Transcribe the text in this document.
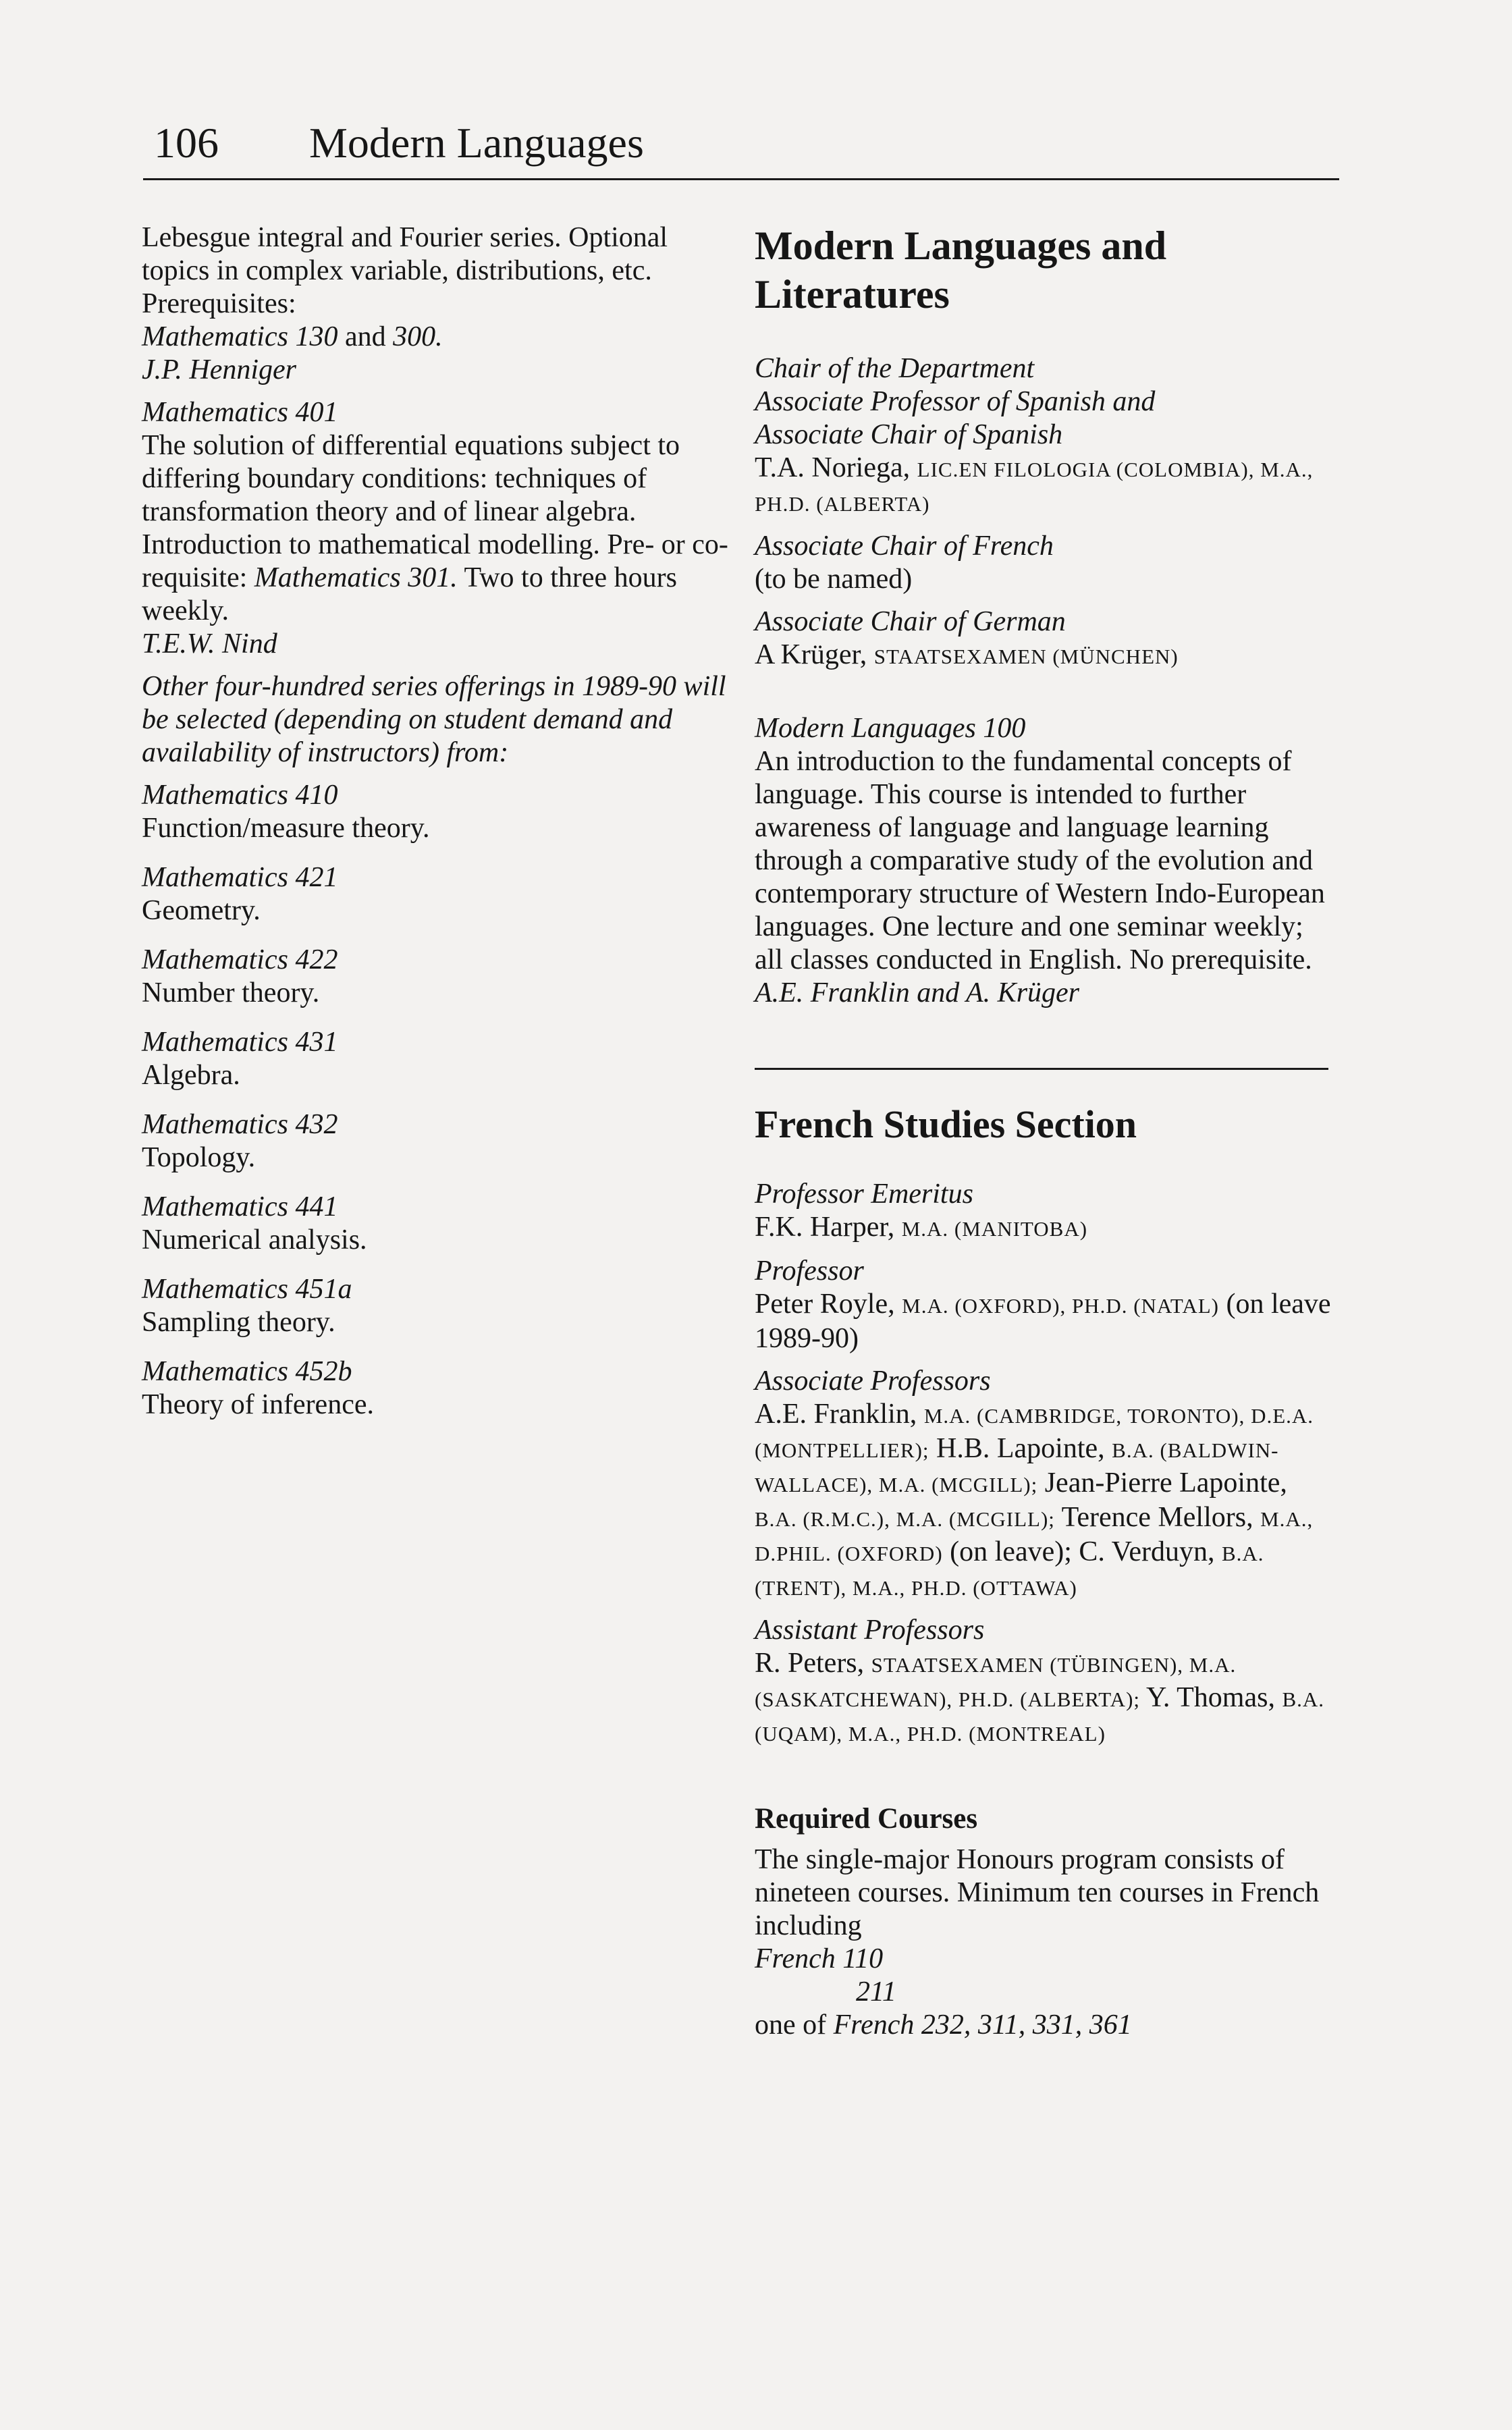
106 Modern Languages
Lebesgue integral and Fourier series. Optional topics in complex variable, distributions, etc. Prerequisites:
Mathematics 130 and 300.
J.P. Henniger
Mathematics 401
The solution of differential equations subject to differing boundary conditions: techniques of transformation theory and of linear algebra. Introduction to mathematical modelling. Pre- or co-requisite: Mathematics 301. Two to three hours weekly.
T.E.W. Nind
Other four-hundred series offerings in 1989-90 will be selected (depending on student demand and availability of instructors) from:
Mathematics 410
Function/measure theory.
Mathematics 421
Geometry.
Mathematics 422
Number theory.
Mathematics 431
Algebra.
Mathematics 432
Topology.
Mathematics 441
Numerical analysis.
Mathematics 451a
Sampling theory.
Mathematics 452b
Theory of inference.
Modern Languages and Literatures
Chair of the Department
Associate Professor of Spanish and
Associate Chair of Spanish
T.A. Noriega, LIC.EN FILOLOGIA (COLOMBIA), M.A., PH.D. (ALBERTA)
Associate Chair of French
(to be named)
Associate Chair of German
A Krüger, STAATSEXAMEN (MÜNCHEN)
Modern Languages 100
An introduction to the fundamental concepts of language. This course is intended to further awareness of language and language learning through a comparative study of the evolution and contemporary structure of Western Indo-European languages. One lecture and one seminar weekly; all classes conducted in English. No prerequisite.
A.E. Franklin and A. Krüger
French Studies Section
Professor Emeritus
F.K. Harper, M.A. (MANITOBA)
Professor
Peter Royle, M.A. (OXFORD), PH.D. (NATAL) (on leave 1989-90)
Associate Professors
A.E. Franklin, M.A. (CAMBRIDGE, TORONTO), D.E.A. (MONTPELLIER); H.B. Lapointe, B.A. (BALDWIN-WALLACE), M.A. (MCGILL); Jean-Pierre Lapointe, B.A. (R.M.C.), M.A. (MCGILL); Terence Mellors, M.A., D.PHIL. (OXFORD) (on leave); C. Verduyn, B.A. (TRENT), M.A., PH.D. (OTTAWA)
Assistant Professors
R. Peters, STAATSEXAMEN (TÜBINGEN), M.A. (SASKATCHEWAN), PH.D. (ALBERTA); Y. Thomas, B.A. (UQAM), M.A., PH.D. (MONTREAL)
Required Courses
The single-major Honours program consists of nineteen courses. Minimum ten courses in French including
French 110
211
one of French 232, 311, 331, 361
